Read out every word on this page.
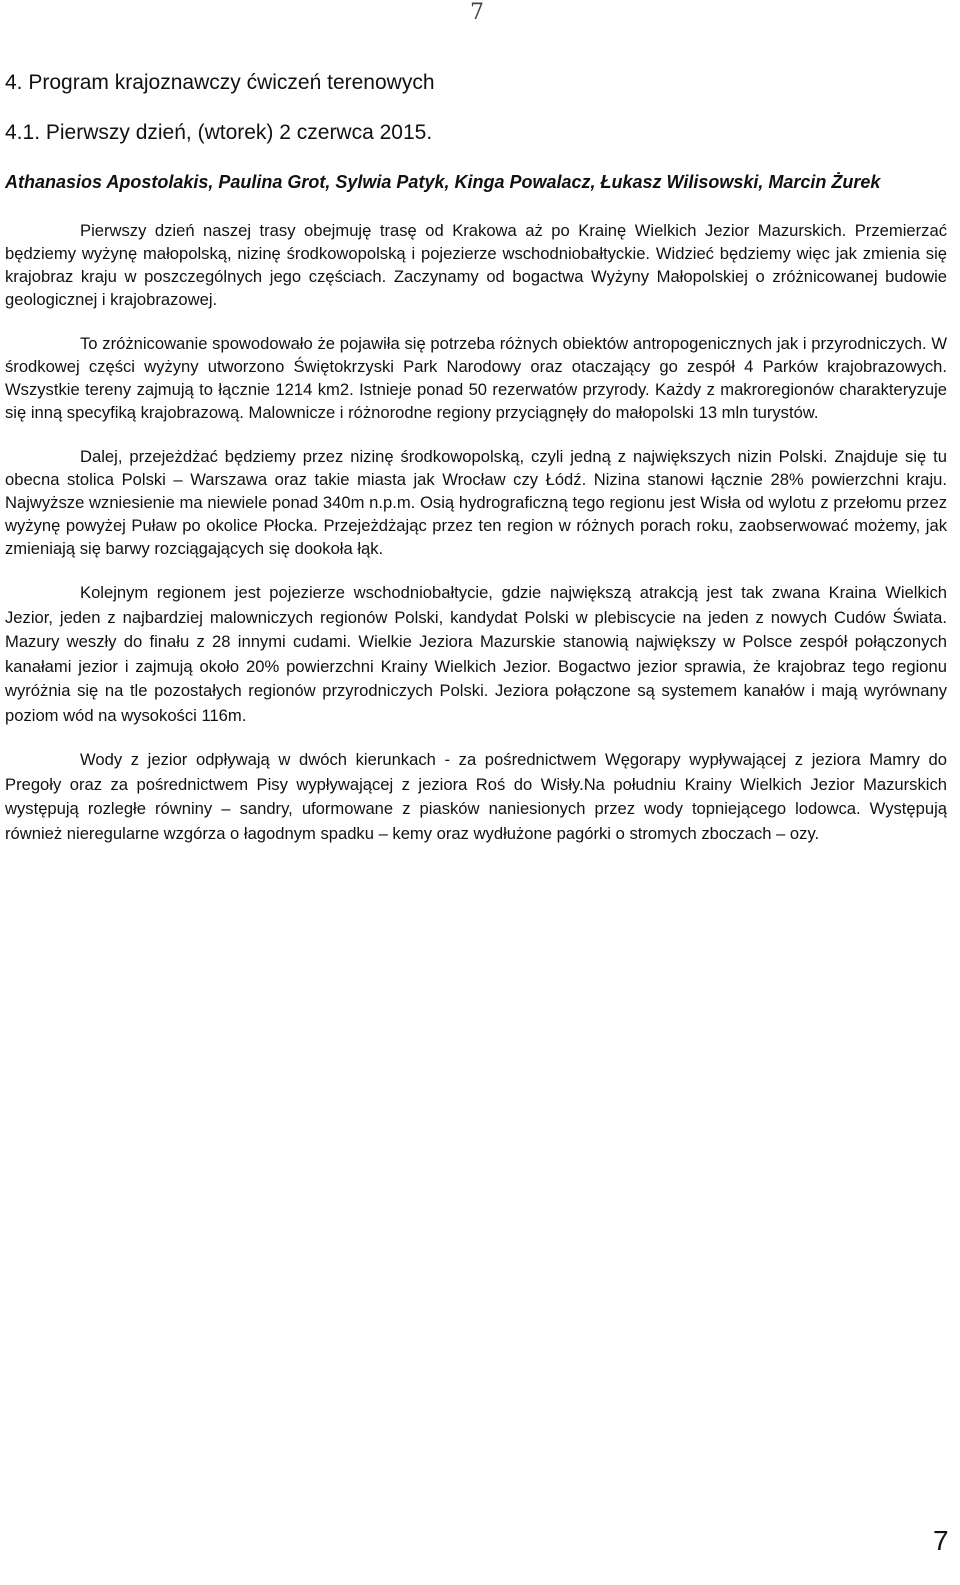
7
4. Program krajoznawczy ćwiczeń terenowych
4.1. Pierwszy dzień, (wtorek) 2 czerwca 2015.

Athanasios Apostolakis, Paulina Grot, Sylwia Patyk, Kinga Powalacz, Łukasz Wilisowski, Marcin Żurek

Pierwszy dzień naszej trasy obejmuję trasę od Krakowa aż po Krainę Wielkich Jezior Mazurskich. Przemierzać będziemy wyżynę małopolską, nizinę środkowopolską i pojezierze wschodniobałtyckie. Widzieć będziemy więc jak zmienia się krajobraz kraju w poszczególnych jego częściach. Zaczynamy od bogactwa Wyżyny Małopolskiej o zróżnicowanej budowie geologicznej i krajobrazowej.

To zróżnicowanie spowodowało że pojawiła się potrzeba różnych obiektów antropogenicznych jak i przyrodniczych. W środkowej części wyżyny utworzono Świętokrzyski Park Narodowy oraz otaczający go zespół 4 Parków krajobrazowych. Wszystkie tereny zajmują to łącznie 1214 km2. Istnieje ponad 50 rezerwatów przyrody. Każdy z makroregionów charakteryzuje się inną specyfiką krajobrazową. Malownicze i różnorodne regiony przyciągnęły do małopolski 13 mln turystów.

Dalej, przejeżdżać będziemy przez nizinę środkowopolską, czyli jedną z największych nizin Polski. Znajduje się tu obecna stolica Polski – Warszawa oraz takie miasta jak Wrocław czy Łódź. Nizina stanowi łącznie 28% powierzchni kraju. Najwyższe wzniesienie ma niewiele ponad 340m n.p.m. Osią hydrograficzną tego regionu jest Wisła od wylotu z przełomu przez wyżynę powyżej Puław po okolice Płocka. Przejeżdżając przez ten region w różnych porach roku, zaobserwować możemy, jak zmieniają się barwy rozciągających się dookoła łąk.

Kolejnym regionem jest pojezierze wschodniobałtycie, gdzie największą atrakcją jest tak zwana Kraina Wielkich Jezior, jeden z najbardziej malowniczych regionów Polski, kandydat Polski w plebiscycie na jeden z nowych Cudów Świata. Mazury weszły do finału z 28 innymi cudami. Wielkie Jeziora Mazurskie stanowią największy w Polsce zespół połączonych kanałami jezior i zajmują około 20% powierzchni Krainy Wielkich Jezior. Bogactwo jezior sprawia, że krajobraz tego regionu wyróżnia się na tle pozostałych regionów przyrodniczych Polski. Jeziora połączone są systemem kanałów i mają wyrównany poziom wód na wysokości 116m.

Wody z jezior odpływają w dwóch kierunkach - za pośrednictwem Węgorapy wypływającej z jeziora Mamry do Pregoły oraz za pośrednictwem Pisy wypływającej z jeziora Roś do Wisły.Na południu Krainy Wielkich Jezior Mazurskich występują rozległe równiny – sandry, uformowane z piasków naniesionych przez wody topniejącego lodowca. Występują również nieregularne wzgórza o łagodnym spadku – kemy oraz wydłużone pagórki o stromych zboczach – ozy.

7
